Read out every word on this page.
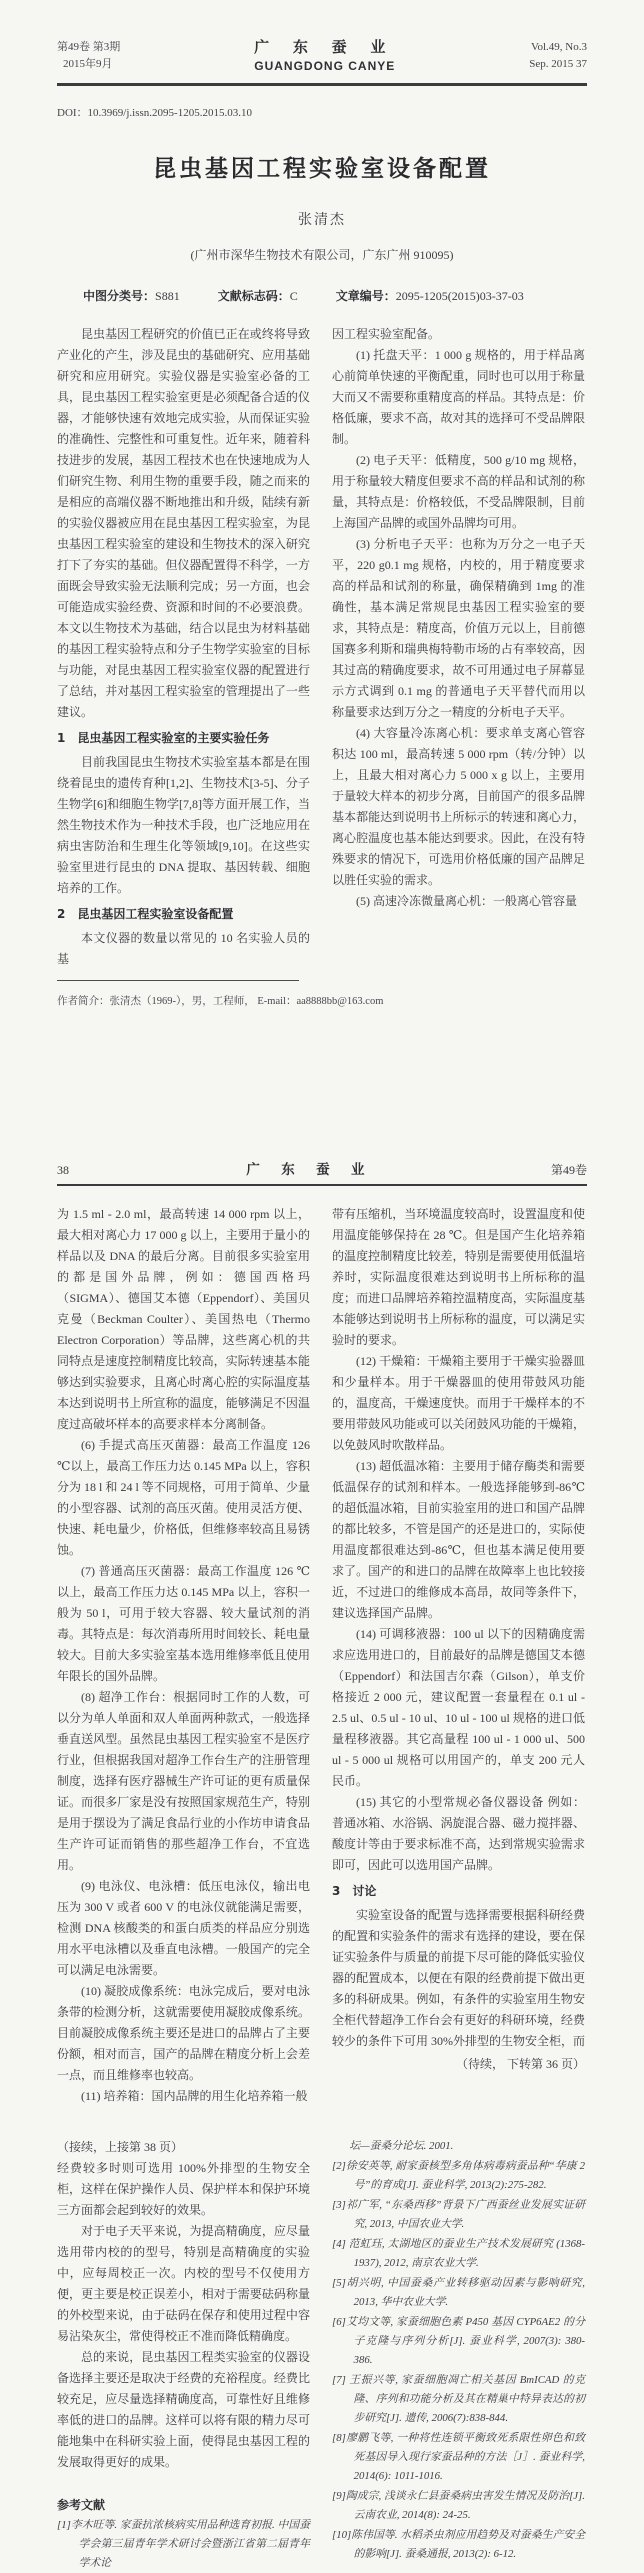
第49卷 第3期
2015年9月
广 东 蚕 业
GUANGDONG CANYE
Vol.49, No.3
Sep. 2015 37
DOI：10.3969/j.issn.2095-1205.2015.03.10
昆虫基因工程实验室设备配置
张清杰
(广州市深华生物技术有限公司，广东广州 910095)
中图分类号：S881	文献标志码：C	文章编号：2095-1205(2015)03-37-03

昆虫基因工程研究的价值已正在或终将导致产业化的产生，涉及昆虫的基础研究、应用基础研究和应用研究。实验仪器是实验室必备的工具，昆虫基因工程实验室更是必须配备合适的仪器，才能够快速有效地完成实验，从而保证实验的准确性、完整性和可重复性。近年来，随着科技进步的发展，基因工程技术也在快速地成为人们研究生物、利用生物的重要手段，随之而来的是相应的高端仪器不断地推出和升级，陆续有新的实验仪器被应用在昆虫基因工程实验室，为昆虫基因工程实验室的建设和生物技术的深入研究打下了夯实的基础。但仪器配置得不科学，一方面既会导致实验无法顺利完成；另一方面，也会可能造成实验经费、资源和时间的不必要浪费。本文以生物技术为基础，结合以昆虫为材料基础的基因工程实验特点和分子生物学实验室的目标与功能，对昆虫基因工程实验室仪器的配置进行了总结，并对基因工程实验室的管理提出了一些建议。

1　昆虫基因工程实验室的主要实验任务

目前我国昆虫生物技术实验室基本都是在围绕着昆虫的遗传育种[1,2]、生物技术[3-5]、分子生物学[6]和细胞生物学[7,8]等方面开展工作，当然生物技术作为一种技术手段，也广泛地应用在病虫害防治和生理生化等领域[9,10]。在这些实验室里进行昆虫的 DNA 提取、基因转载、细胞培养的工作。

2　昆虫基因工程实验室设备配置

本文仪器的数量以常见的 10 名实验人员的基

因工程实验室配备。

(1) 托盘天平：1 000 g 规格的，用于样品离心前简单快速的平衡配重，同时也可以用于称量大而又不需要称重精度高的样品。其特点是：价格低廉，要求不高，故对其的选择可不受品牌限制。

(2) 电子天平：低精度，500 g/10 mg 规格，用于称量较大精度但要求不高的样品和试剂的称量，其特点是：价格较低，不受品牌限制，目前上海国产品牌的或国外品牌均可用。

(3) 分析电子天平：也称为万分之一电子天平，220 g0.1 mg 规格，内校的，用于精度要求高的样品和试剂的称量，确保精确到 1mg 的准确性，基本满足常规昆虫基因工程实验室的要求，其特点是：精度高，价值万元以上，目前德国赛多利斯和瑞典梅特勒市场的占有率较高，因其过高的精确度要求，故不可用通过电子屏幕显示方式调到 0.1 mg 的普通电子天平替代而用以称量要求达到万分之一精度的分析电子天平。

(4) 大容量冷冻离心机：要求单支离心管容积达 100 ml，最高转速 5 000 rpm（转/分钟）以上，且最大相对离心力 5 000 x g 以上，主要用于量较大样本的初步分离，目前国产的很多品牌基本都能达到说明书上所标示的转速和离心力，离心腔温度也基本能达到要求。因此，在没有特殊要求的情况下，可选用价格低廉的国产品牌足以胜任实验的需求。

(5) 高速冷冻微量离心机：一般离心管容量

作者简介：张清杰（1969-），男，工程师， E-mail：aa8888bb@163.com
38	广 东 蚕 业	第49卷

为 1.5 ml - 2.0 ml，最高转速 14 000 rpm 以上，最大相对离心力 17 000 g 以上，主要用于量小的样品以及 DNA 的最后分离。目前很多实验室用的都是国外品牌，例如：德国西格玛（SIGMA）、德国艾本德（Eppendorf）、美国贝克曼（Beckman Coulter）、美国热电（Thermo Electron Corporation）等品牌，这些离心机的共同特点是速度控制精度比较高，实际转速基本能够达到实验要求，且离心时离心腔的实际温度基本达到说明书上所宣称的温度，能够满足不因温度过高破坏样本的高要求样本分离制备。

(6) 手提式高压灭菌器：最高工作温度 126 ℃以上，最高工作压力达 0.145 MPa 以上，容积分为 18 l 和 24 l 等不同规格，可用于简单、少量的小型容器、试剂的高压灭菌。使用灵活方便、快速、耗电量少，价格低，但维修率较高且易锈蚀。

(7) 普通高压灭菌器：最高工作温度 126 ℃以上，最高工作压力达 0.145 MPa 以上，容积一般为 50 l，可用于较大容器、较大量试剂的消毒。其特点是：每次消毒所用时间较长、耗电量较大。目前大多实验室基本选用维修率低且使用年限长的国外品牌。

(8) 超净工作台：根据同时工作的人数，可以分为单人单面和双人单面两种款式，一般选择垂直送风型。虽然昆虫基因工程实验室不是医疗行业，但根据我国对超净工作台生产的注册管理制度，选择有医疗器械生产许可证的更有质量保证。而很多厂家是没有按照国家规范生产，特别是用于摆设为了满足食品行业的小作坊申请食品生产许可证而销售的那些超净工作台，不宜选用。

(9) 电泳仪、电泳槽：低压电泳仪，输出电压为 300 V 或者 600 V 的电泳仪就能满足需要，检测 DNA 核酸类的和蛋白质类的样品应分别选用水平电泳槽以及垂直电泳槽。一般国产的完全可以满足电泳需要。

(10) 凝胶成像系统：电泳完成后，要对电泳条带的检测分析，这就需要使用凝胶成像系统。目前凝胶成像系统主要还是进口的品牌占了主要份额，相对而言，国产的品牌在精度分析上会差一点，而且维修率也较高。

(11) 培养箱：国内品牌的用生化培养箱一般

带有压缩机，当环境温度较高时，设置温度和使用温度能够保持在 28 ℃。但是国产生化培养箱的温度控制精度比较差，特别是需要使用低温培养时，实际温度很难达到说明书上所标称的温度；而进口品牌培养箱控温精度高，实际温度基本能够达到说明书上所标称的温度，可以满足实验时的要求。

(12) 干燥箱：干燥箱主要用于干燥实验器皿和少量样本。用于干燥器皿的使用带鼓风功能的，温度高，干燥速度快。而用于干燥样本的不要用带鼓风功能或可以关闭鼓风功能的干燥箱，以免鼓风时吹散样品。

(13) 超低温冰箱：主要用于储存酶类和需要低温保存的试剂和样本。一般选择能够到-86℃的超低温冰箱，目前实验室用的进口和国产品牌的都比较多，不管是国产的还是进口的，实际使用温度都很难达到-86℃，但也基本满足使用要求了。国产的和进口的品牌在故障率上也比较接近，不过进口的维修成本高昂，故同等条件下，建议选择国产品牌。

(14) 可调移液器：100 ul 以下的因精确度需求应选用进口的，目前最好的品牌是德国艾本德（Eppendorf）和法国吉尔森（Gilson），单支价格接近 2 000 元，建议配置一套量程在 0.1 ul - 2.5 ul、0.5 ul - 10 ul、10 ul - 100 ul 规格的进口低量程移液器。其它高量程 100 ul - 1 000 ul、500 ul - 5 000 ul 规格可以用国产的，单支 200 元人民币。

(15) 其它的小型常规必备仪器设备 例如：普通冰箱、水浴锅、涡旋混合器、磁力搅拌器、酸度计等由于要求标准不高，达到常规实验需求即可，因此可以选用国产品牌。

3　讨论

实验室设备的配置与选择需要根据科研经费的配置和实验条件的需求有选择的建设，要在保证实验条件与质量的前提下尽可能的降低实验仪器的配置成本，以便在有限的经费前提下做出更多的科研成果。例如，有条件的实验室用生物安全柜代替超净工作台会有更好的科研环境，经费较少的条件下可用 30%外排型的生物安全柜，而

（待续， 下转第 36 页）

（接续，上接第 38 页）

经费较多时则可选用 100%外排型的生物安全柜，这样在保护操作人员、保护样本和保护环境三方面都会起到较好的效果。

对于电子天平来说，为提高精确度，应尽量选用带内校的的型号，特别是高精确度的实验中，应每周校正一次。内校的型号不仅使用方便，更主要是校正误差小，相对于需要砝码称量的外校型来说，由于砝码在保存和使用过程中容易沾染灰尘，常使得校正不准而降低精确度。

总的来说，昆虫基因工程类实验室的仪器设备选择主要还是取决于经费的充裕程度。经费比较充足，应尽量选择精确度高，可靠性好且维修率低的进口的品牌。这样可以将有限的精力尽可能地集中在科研实验上面，使得昆虫基因工程的发展取得更好的成果。

参考文献

[1]李木旺等. 家蚕抗浓核病实用品种选育初报. 中国蚕学会第三届青年学术研讨会暨浙江省第二届青年学术论

坛—蚕桑分论坛. 2001.

[2]徐安英等, 耐家蚕核型多角体病毒病蚕品种“华康 2 号”的育成[J]. 蚕业科学, 2013(2):275-282.

[3]祁广军, “东桑西移”背景下广西蚕丝业发展实证研究, 2013, 中国农业大学.

[4] 范虹珏, 太湖地区的蚕业生产技术发展研究 (1368-1937), 2012, 南京农业大学.

[5]胡兴明, 中国蚕桑产业转移驱动因素与影响研究, 2013, 华中农业大学.

[6]艾均文等, 家蚕细胞色素 P450 基因 CYP6AE2 的分子克隆与序列分析[J]. 蚕业科学, 2007(3): 380-386.

[7] 王振兴等, 家蚕细胞凋亡相关基因 BmICAD 的克隆、序列和功能分析及其在精巢中特异表达的初步研究[J]. 遗传, 2006(7):838-844.

[8]廖鹏飞等, 一种将性连锁平衡致死系限性卵色和致死基因导入现行家蚕品种的方法［J］. 蚕业科学, 2014(6): 1011-1016.

[9]陶成宗, 浅谈永仁县蚕桑病虫害发生情况及防治[J]. 云南农业, 2014(8): 24-25.

[10]陈伟国等. 水稻杀虫剂应用趋势及对蚕桑生产安全的影响[J]. 蚕桑通报, 2013(2): 6-12.
